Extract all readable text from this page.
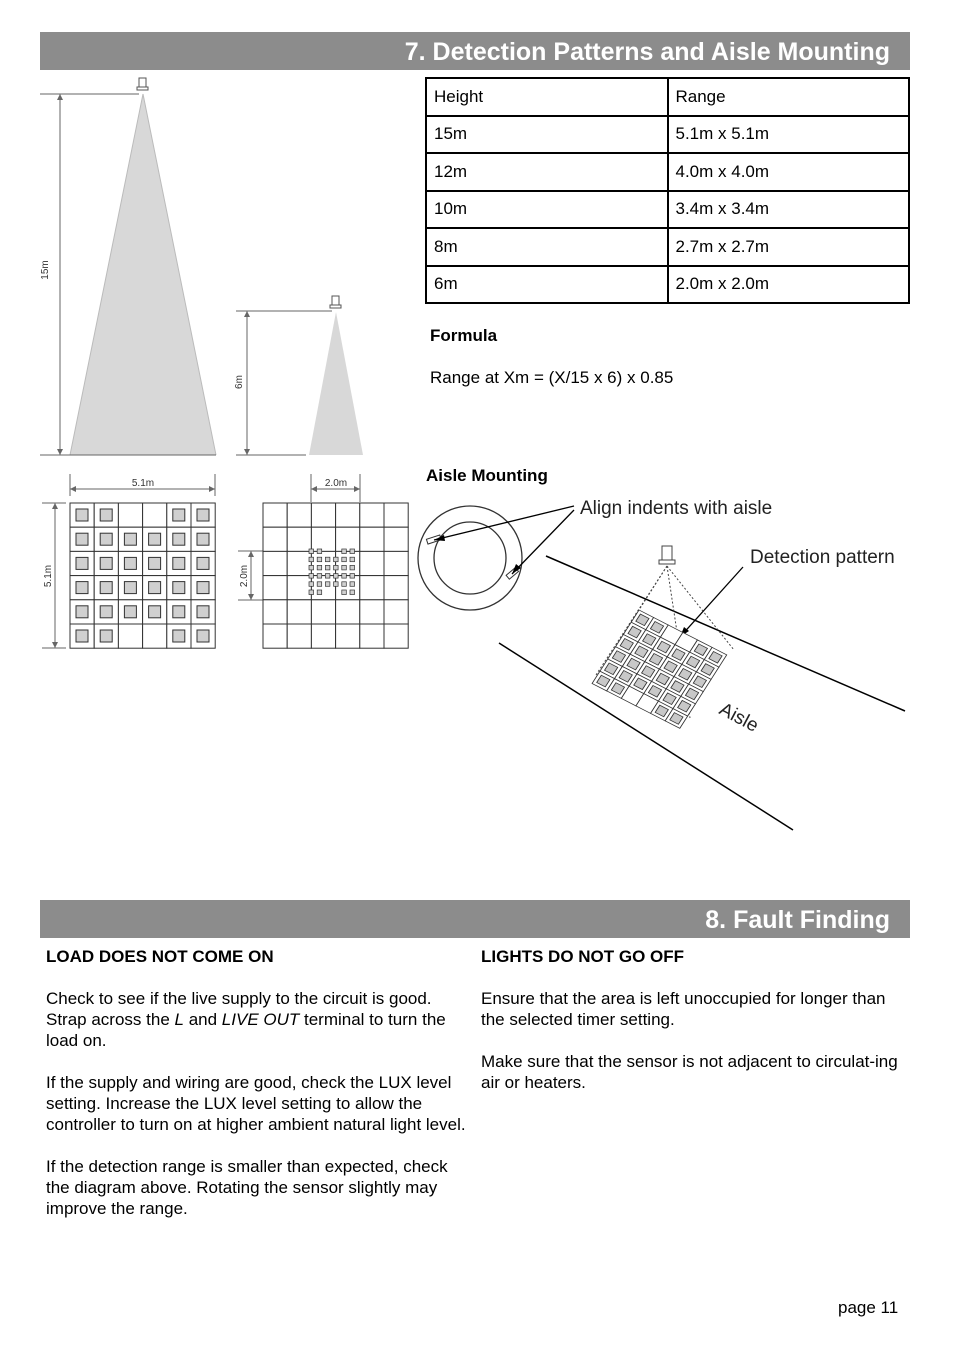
7. Detection Patterns and Aisle Mounting
Height	Range
15m	5.1m x 5.1m
12m	4.0m x 4.0m
10m	3.4m x 3.4m
8m	2.7m x 2.7m
6m	2.0m x 2.0m
Formula
Range at Xm = (X/15 x 6) x 0.85
Aisle Mounting
15m
6m
5.1m
5.1m
2.0m
2.0m
Align indents with aisle
Detection pattern
Aisle
8. Fault Finding

LOAD DOES NOT COME ON

Check to see if the live supply to the circuit is good. Strap across the L and LIVE OUT terminal to turn the load on.

If the supply and wiring are good, check the LUX level setting. Increase the LUX level setting to allow the controller to turn on at higher ambient natural light level.

If the detection range is smaller than expected, check the diagram above. Rotating the sensor slightly may improve the range.

LIGHTS DO NOT GO OFF

Ensure that the area is left unoccupied for longer than the selected timer setting.

Make sure that the sensor is not adjacent to circulat-ing air or heaters.

page 11
